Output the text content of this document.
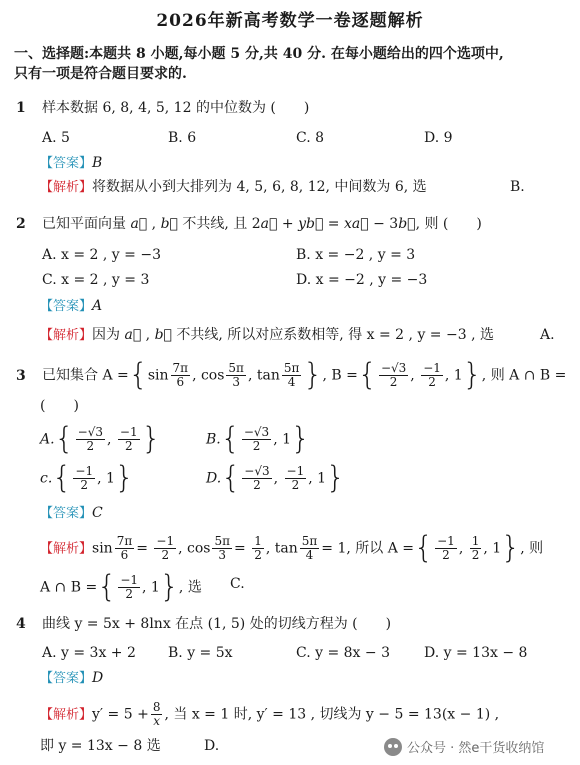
2026年新高考数学一卷逐题解析
一、选择题:本题共 8 小题,每小题 5 分,共 40 分. 在每小题给出的四个选项中,
只有一项是符合题目要求的.
1 样本数据 6, 8, 4, 5, 12 的中位数为 (　　)
A. 5	B. 6	C. 8	D. 9
【答案】B
【解析】将数据从小到大排列为 4, 5, 6, 8, 12, 中间数为 6, 选	B.
2 已知平面向量 a⃗ , b⃗ 不共线, 且 2a⃗ + yb⃗ = xa⃗ − 3b⃗, 则 (　　)
A. x = 2 , y = −3	B. x = −2 , y = 3
C. x = 2 , y = 3	D. x = −2 , y = −3
【答案】A
【解析】因为 a⃗ , b⃗ 不共线, 所以对应系数相等, 得 x = 2 , y = −3 , 选	A.
3 已知集合 $A =\{\sin \frac{7\pi}{6}$ , $\cos \frac{5\pi}{3}$ , $\tan \frac{5\pi}{4}$ }, B ={ $\frac{-√3}{2}$ , $\frac{-1}{2}$ , 1}, 则 A ∩ B =
(　　)
$A.\{ \frac{-√3}{2}$ , $\frac{-1}{2}$ }	$B.\{ \frac{-√3}{2}$ , 1}
$c.\{ \frac{-1}{2}$ , 1}	$D.\{ \frac{-√3}{2}$ , $\frac{-1}{2}$ , 1}
【答案】C
【解析】$\sin \frac{7\pi}{6} = \frac{-1}{2}$ , $\cos \frac{5\pi}{3} = \frac{1}{2}$ , $\tan \frac{5\pi}{4} = 1$, 所以 A ={ $\frac{-1}{2}$ , $\frac{1}{2}$ , 1}, 则
A ∩ B ={ $\frac{-1}{2}$ , 1}, 选 C.
4 曲线 y = 5x + 8lnx 在点 (1, 5) 处的切线方程为 (　　)
A. y = 3x + 2 B. y = 5x	C. y = 8x − 3 D. y = 13x − 8
【答案】D
【解析】$y' = 5 + \frac{8}{x}$ , 当 x = 1 时, y′ = 13 , 切线为 y − 5 = 13(x − 1) ,
即 y = 13x − 8 选	D.	公众号 · 然e干货收纳馆
